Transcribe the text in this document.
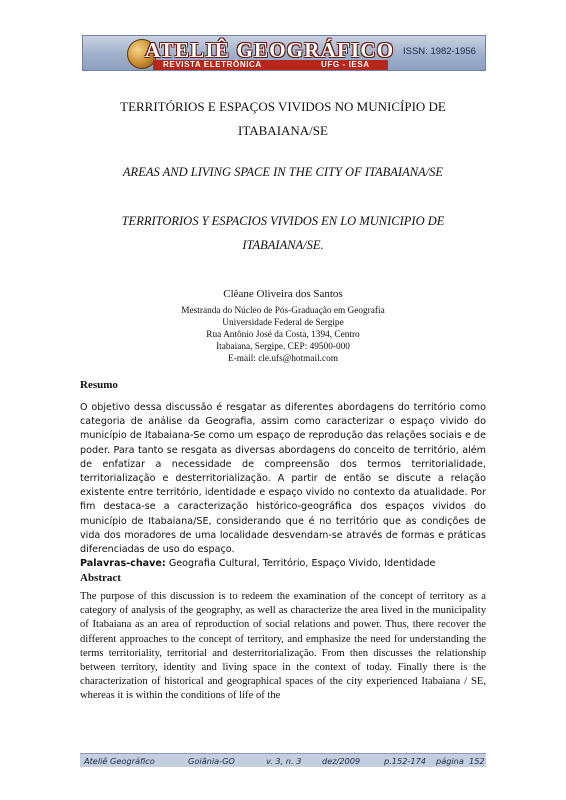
ATELIÊ GEOGRÁFICO
REVISTA ELETRÔNICA	UFG - IESA
ISSN: 1982-1956
TERRITÓRIOS E ESPAÇOS VIVIDOS NO MUNICÍPIO DE
ITABAIANA/SE
AREAS AND LIVING SPACE IN THE CITY OF ITABAIANA/SE
TERRITORIOS Y ESPACIOS VIVIDOS EN LO MUNICIPIO DE
ITABAIANA/SE.
Clêane Oliveira dos Santos
Mestranda do Núcleo de Pós-Graduação em Geografia
Universidade Federal de Sergipe
Rua Antônio José da Costa, 1394, Centro
Itabaiana, Sergipe, CEP: 49500-000
E-mail: cle.ufs@hotmail.com
Resumo
O objetivo dessa discussão é resgatar as diferentes abordagens do território como categoria de análise da Geografia, assim como caracterizar o espaço vivido do município de Itabaiana-Se como um espaço de reprodução das relações sociais e de poder. Para tanto se resgata as diversas abordagens do conceito de território, além de enfatizar a necessidade de compreensão dos termos territorialidade, territorialização e desterritorialização. A partir de então se discute a relação existente entre território, identidade e espaço vivido no contexto da atualidade. Por fim destaca-se a caracterização histórico-geográfica dos espaços vividos do município de Itabaiana/SE, considerando que é no território que as condições de vida dos moradores de uma localidade desvendam-se através de formas e práticas diferenciadas de uso do espaço.
Palavras-chave: Geografia Cultural, Território, Espaço Vivido, Identidade
Abstract
The purpose of this discussion is to redeem the examination of the concept of territory as a category of analysis of the geography, as well as characterize the area lived in the municipality of Itabaiana as an area of reproduction of social relations and power. Thus, there recover the different approaches to the concept of territory, and emphasize the need for understanding the terms territoriality, territorial and desterritorialização. From then discusses the relationship between territory, identity and living space in the context of today. Finally there is the characterization of historical and geographical spaces of the city experienced Itabaiana / SE, whereas it is within the conditions of life of the
Ateliê Geográfico	Goiânia-GO	v. 3, n. 3	dez/2009	p.152-174 página 152
